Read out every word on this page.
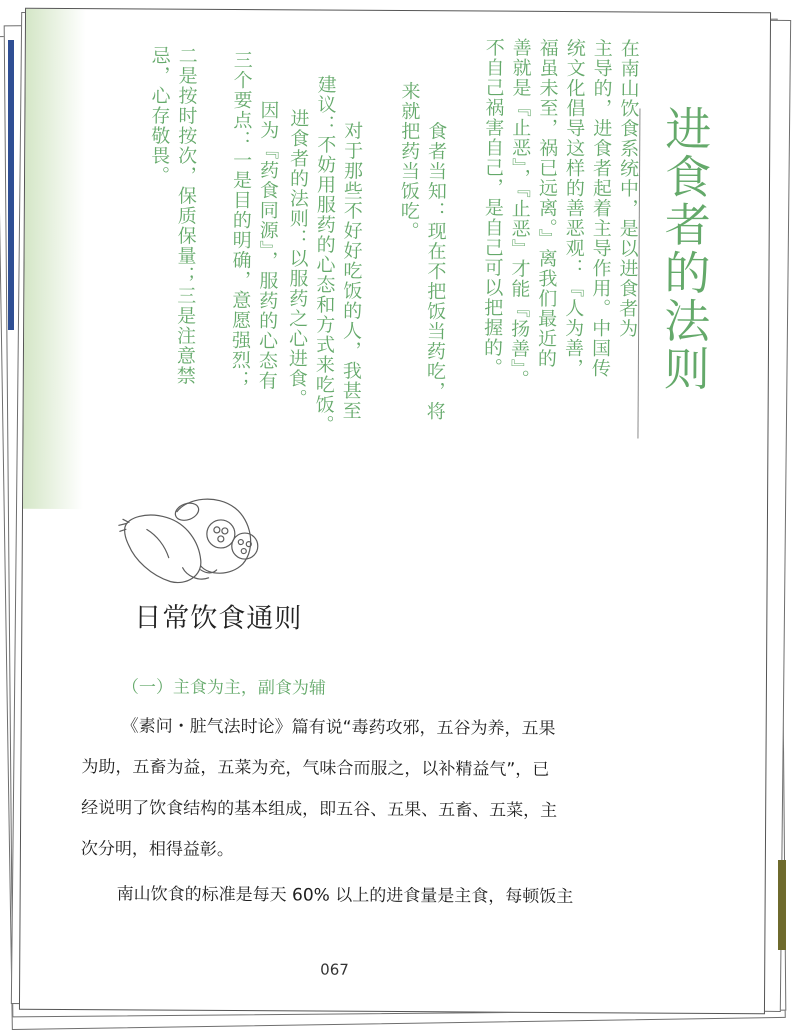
进食者的法则
在南山饮食系统中，是以进食者为
主导的，进食者起着主导作用。中国传
统文化倡导这样的善恶观：『人为善，
福虽未至，祸已远离。』离我们最近的
善就是『止恶』，『止恶』才能『扬善』。
不自己祸害自己，是自己可以把握的。
食者当知：现在不把饭当药吃，将
来就把药当饭吃。
对于那些不好好吃饭的人，我甚至
建议：不妨用服药的心态和方式来吃饭。
进食者的法则：以服药之心进食。
因为『药食同源』，服药的心态有
三个要点：一是目的明确，意愿强烈；
二是按时按次，保质保量；三是注意禁
忌，心存敬畏。
日常饮食通则
（一）主食为主，副食为辅
《素问・脏气法时论》篇有说“毒药攻邪，五谷为养，五果
为助，五畜为益，五菜为充，气味合而服之，以补精益气”，已
经说明了饮食结构的基本组成，即五谷、五果、五畜、五菜，主
次分明，相得益彰。
南山饮食的标准是每天 60% 以上的进食量是主食，每顿饭主
067
